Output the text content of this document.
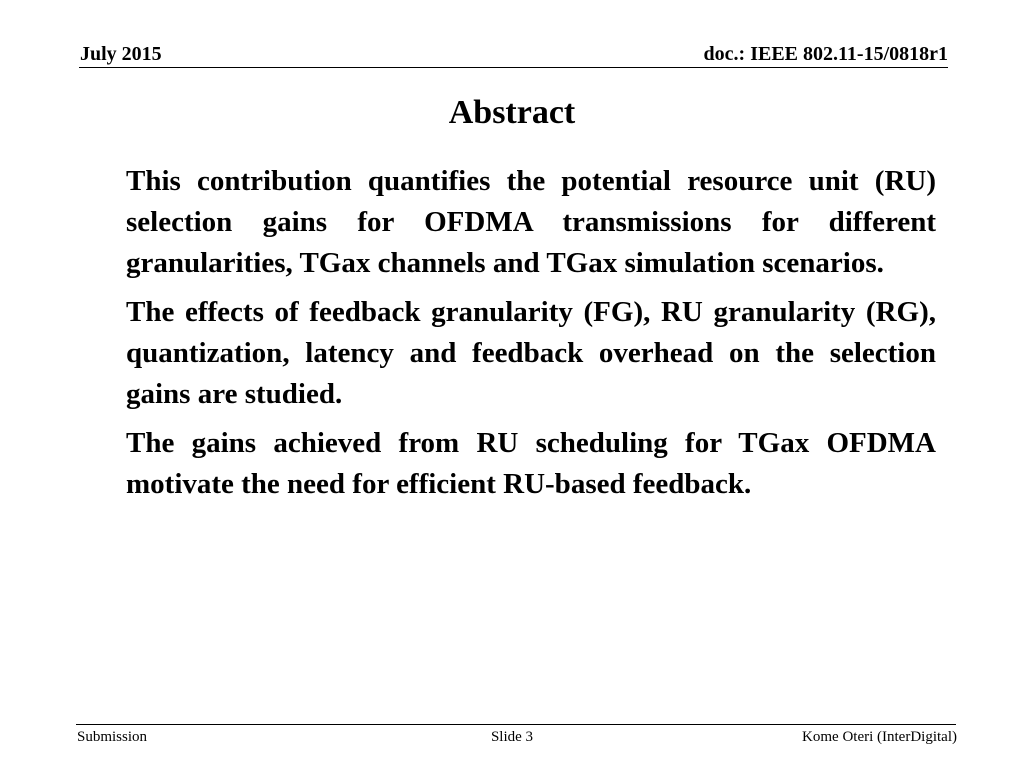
July 2015	doc.: IEEE 802.11-15/0818r1
Abstract

This contribution quantifies the potential resource unit (RU) selection gains for OFDMA transmissions for different granularities, TGax channels and TGax simulation scenarios.

The effects of feedback granularity (FG), RU granularity (RG), quantization, latency and feedback overhead on the selection gains are studied.

The gains achieved from RU scheduling for TGax OFDMA motivate the need for efficient RU-based feedback.

Submission	Slide 3	Kome Oteri (InterDigital)
